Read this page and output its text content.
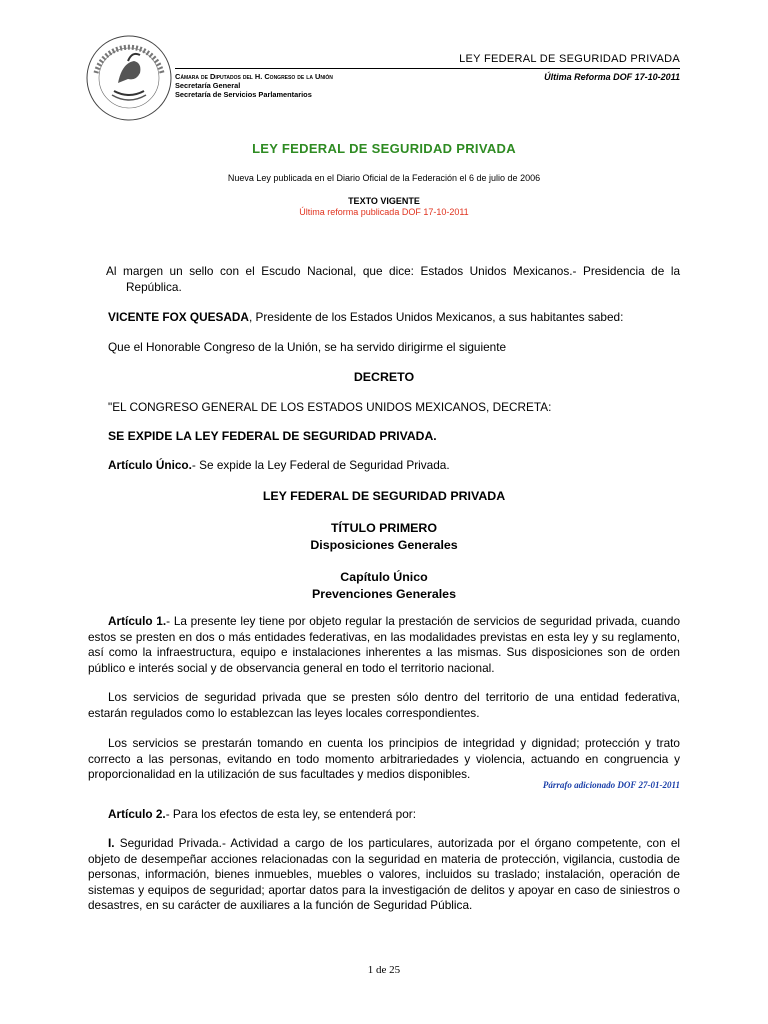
LEY FEDERAL DE SEGURIDAD PRIVADA
Cámara de Diputados del H. Congreso de la Unión
Secretaría General
Secretaría de Servicios Parlamentarios
Última Reforma DOF 17-10-2011
LEY FEDERAL DE SEGURIDAD PRIVADA
Nueva Ley publicada en el Diario Oficial de la Federación el 6 de julio de 2006
TEXTO VIGENTE
Última reforma publicada DOF 17-10-2011
Al margen un sello con el Escudo Nacional, que dice: Estados Unidos Mexicanos.- Presidencia de la República.
VICENTE FOX QUESADA, Presidente de los Estados Unidos Mexicanos, a sus habitantes sabed:
Que el Honorable Congreso de la Unión, se ha servido dirigirme el siguiente
DECRETO
"EL CONGRESO GENERAL DE LOS ESTADOS UNIDOS MEXICANOS, DECRETA:
SE EXPIDE LA LEY FEDERAL DE SEGURIDAD PRIVADA.
Artículo Único.- Se expide la Ley Federal de Seguridad Privada.
LEY FEDERAL DE SEGURIDAD PRIVADA
TÍTULO PRIMERO
Disposiciones Generales
Capítulo Único
Prevenciones Generales
Artículo 1.- La presente ley tiene por objeto regular la prestación de servicios de seguridad privada, cuando estos se presten en dos o más entidades federativas, en las modalidades previstas en esta ley y su reglamento, así como la infraestructura, equipo e instalaciones inherentes a las mismas. Sus disposiciones son de orden público e interés social y de observancia general en todo el territorio nacional.
Los servicios de seguridad privada que se presten sólo dentro del territorio de una entidad federativa, estarán regulados como lo establezcan las leyes locales correspondientes.
Los servicios se prestarán tomando en cuenta los principios de integridad y dignidad; protección y trato correcto a las personas, evitando en todo momento arbitrariedades y violencia, actuando en congruencia y proporcionalidad en la utilización de sus facultades y medios disponibles.
Párrafo adicionado DOF 27-01-2011
Artículo 2.- Para los efectos de esta ley, se entenderá por:
I. Seguridad Privada.- Actividad a cargo de los particulares, autorizada por el órgano competente, con el objeto de desempeñar acciones relacionadas con la seguridad en materia de protección, vigilancia, custodia de personas, información, bienes inmuebles, muebles o valores, incluidos su traslado; instalación, operación de sistemas y equipos de seguridad; aportar datos para la investigación de delitos y apoyar en caso de siniestros o desastres, en su carácter de auxiliares a la función de Seguridad Pública.
1 de 25
